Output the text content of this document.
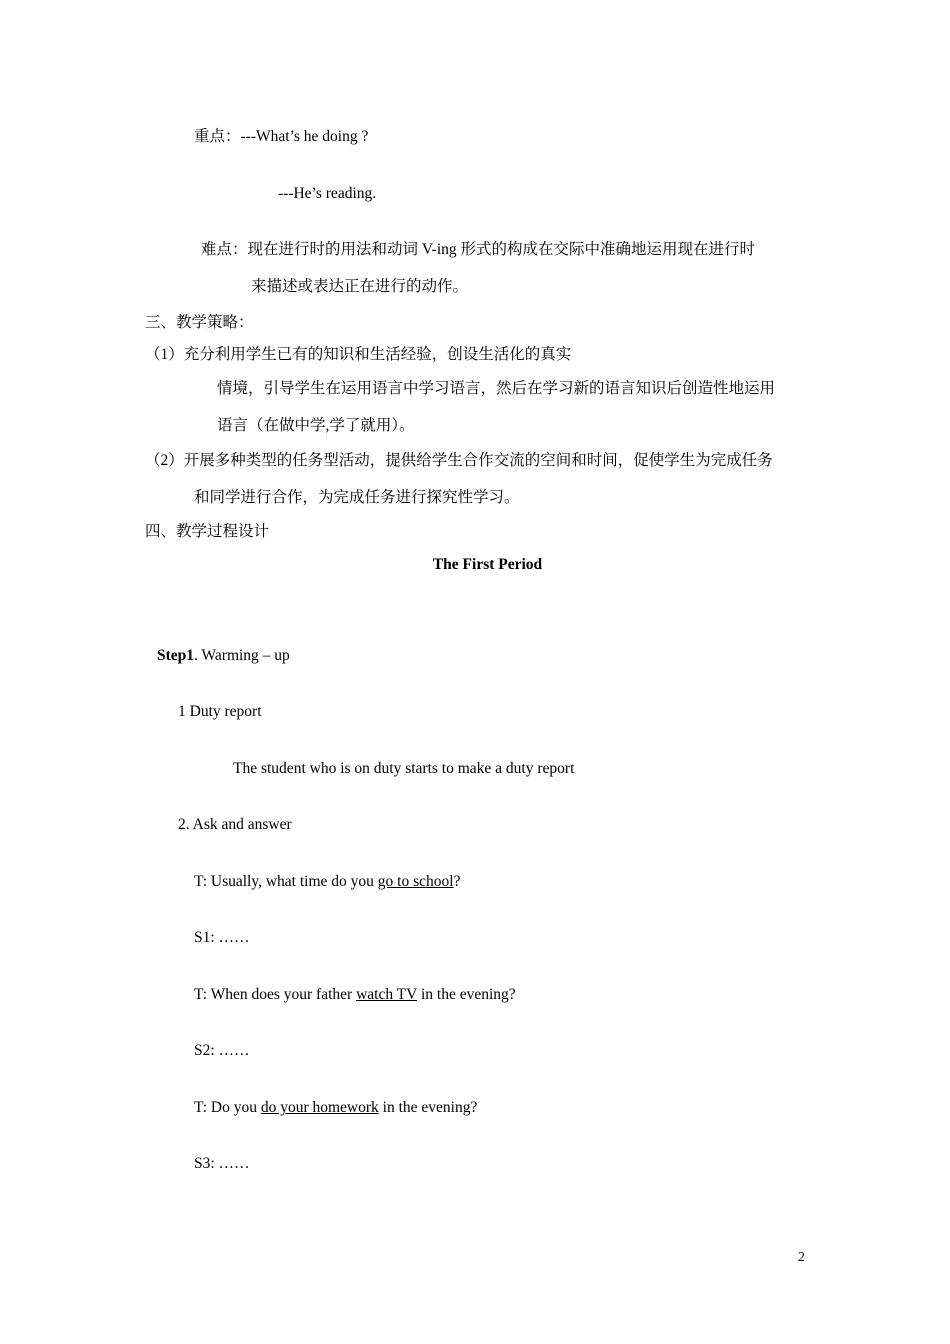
重点：---What’s he doing ?
---He’s reading.
难点：现在进行时的用法和动词 V-ing 形式的构成在交际中准确地运用现在进行时
来描述或表达正在进行的动作。
三、教学策略：
（1）充分利用学生已有的知识和生活经验，创设生活化的真实
情境，引导学生在运用语言中学习语言，然后在学习新的语言知识后创造性地运用
语言（在做中学,学了就用）。
（2）开展多种类型的任务型活动，提供给学生合作交流的空间和时间，促使学生为完成任务
和同学进行合作，为完成任务进行探究性学习。
四、教学过程设计
The First Period
Step1. Warming – up
1 Duty report
The student who is on duty starts to make a duty report
2. Ask and answer
T: Usually, what time do you go to school?
S1: ……
T: When does your father watch TV in the evening?
S2: ……
T: Do you do your homework in the evening?
S3: ……
2
